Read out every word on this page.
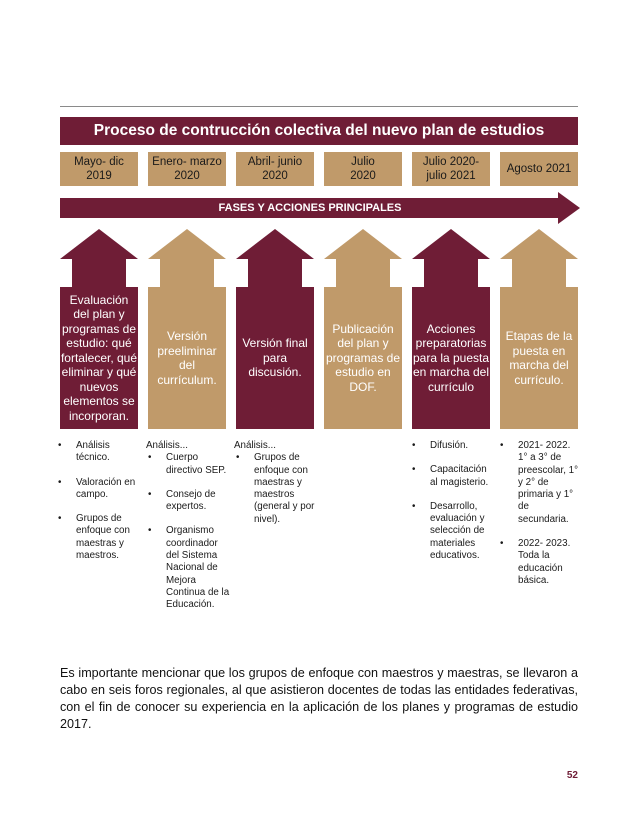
Proceso de contrucción colectiva del nuevo plan de estudios
Mayo- dic
2019
Enero- marzo
2020
Abril- junio
2020
Julio
2020
Julio 2020-
julio 2021
Agosto 2021
FASES Y ACCIONES PRINCIPALES
Evaluación del plan y programas de estudio: qué fortalecer, qué eliminar y qué nuevos elementos se incorporan.
Versión preeliminar del currículum.
Versión final para discusión.
Publicación del plan y programas de estudio en DOF.
Acciones preparatorias para la puesta en marcha del currículo
Etapas de la puesta en marcha del currículo.
• Análisis técnico.
• Valoración en campo.
• Grupos de enfoque con maestras y maestros.
Análisis...
• Cuerpo directivo SEP.
• Consejo de expertos.
• Organismo coordinador del Sistema Nacional de Mejora Continua de la Educación.
Análisis...
• Grupos de enfoque con maestras y maestros (general y por nivel).
• Difusión.
• Capacitación al magisterio.
• Desarrollo, evaluación y selección de materiales educativos.
• 2021- 2022. 1° a 3° de preescolar, 1° y 2° de primaria y 1° de secundaria.
• 2022- 2023. Toda la educación básica.

Es importante mencionar que los grupos de enfoque con maestros y maestras, se llevaron a cabo en seis foros regionales, al que asistieron docentes de todas las entidades federativas, con el fin de conocer su experiencia en la aplicación de los planes y programas de estudio 2017.

52
